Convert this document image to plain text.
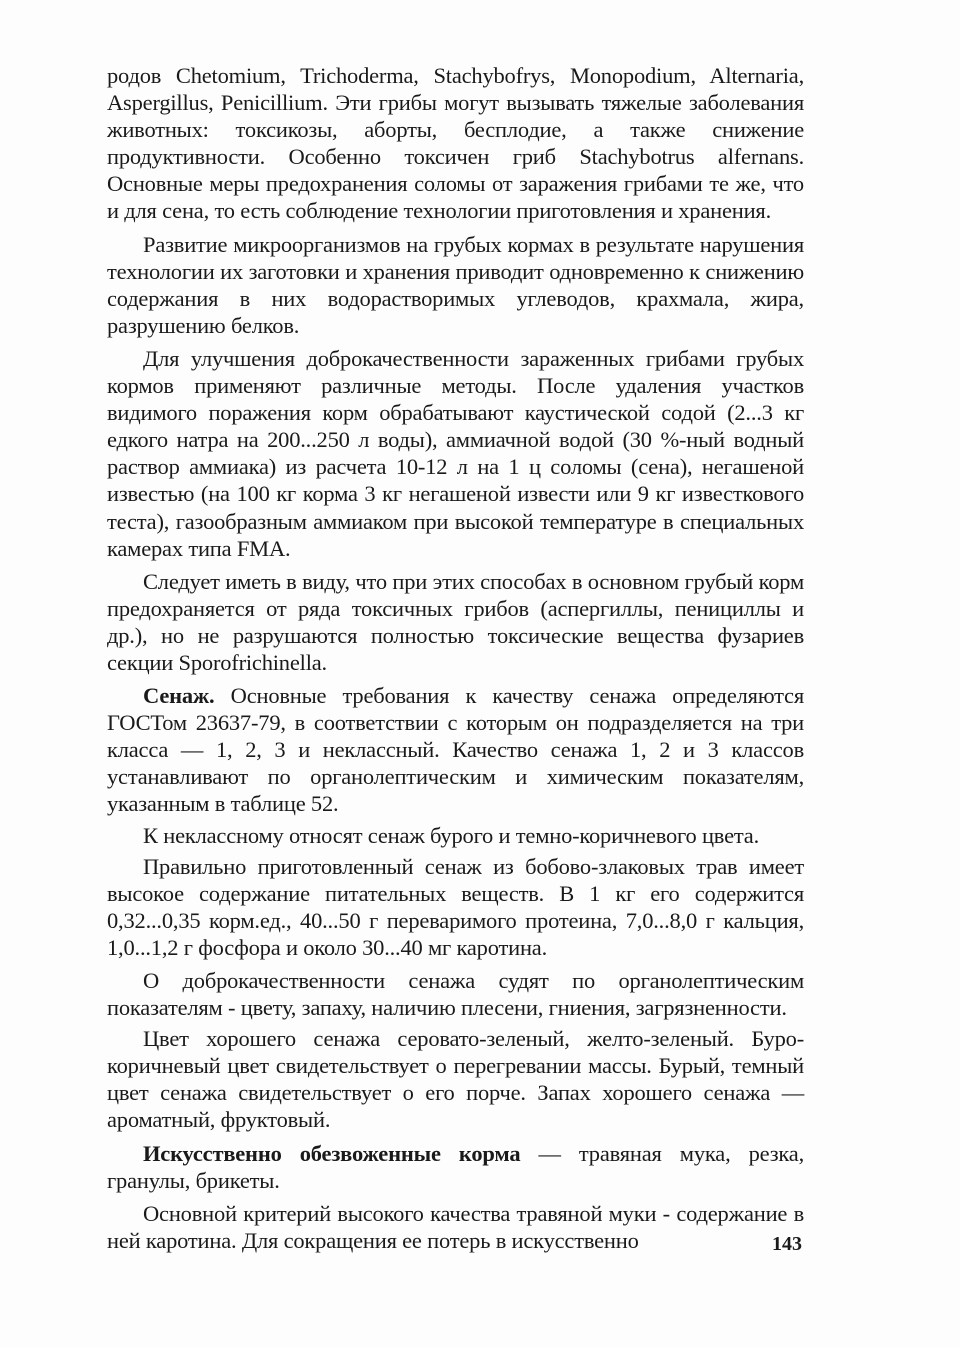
родов Chetomium, Trichoderma, Stachybofrys, Monopodium, Alternaria, Aspergillus, Penicillium. Эти грибы могут вызывать тяжелые заболевания животных: токсикозы, аборты, бесплодие, а также снижение продуктивности. Особенно токсичен гриб Stachybotrus alfernans. Основные меры предохранения соломы от заражения грибами те же, что и для сена, то есть соблюдение технологии приготовления и хранения.

Развитие микроорганизмов на грубых кормах в результате нарушения технологии их заготовки и хранения приводит одновременно к снижению содержания в них водорастворимых углеводов, крахмала, жира, разрушению белков.

Для улучшения доброкачественности зараженных грибами грубых кормов применяют различные методы. После удаления участков видимого поражения корм обрабатывают каустической содой (2...3 кг едкого натра на 200...250 л воды), аммиачной водой (30 %-ный водный раствор аммиака) из расчета 10-12 л на 1 ц соломы (сена), негашеной известью (на 100 кг корма 3 кг негашеной извести или 9 кг известкового теста), газообразным аммиаком при высокой температуре в специальных камерах типа FMA.

Следует иметь в виду, что при этих способах в основном грубый корм предохраняется от ряда токсичных грибов (аспергиллы, пенициллы и др.), но не разрушаются полностью токсические вещества фузариев секции Sporofrichinella.

Сенаж. Основные требования к качеству сенажа определяются ГОСТом 23637-79, в соответствии с которым он подразделяется на три класса — 1, 2, 3 и неклассный. Качество сенажа 1, 2 и 3 классов устанавливают по органолептическим и химическим показателям, указанным в таблице 52.

К неклассному относят сенаж бурого и темно-коричневого цвета.

Правильно приготовленный сенаж из бобово-злаковых трав имеет высокое содержание питательных веществ. В 1 кг его содержится 0,32...0,35 корм.ед., 40...50 г переваримого протеина, 7,0...8,0 г кальция, 1,0...1,2 г фосфора и около 30...40 мг каротина.

О доброкачественности сенажа судят по органолептическим показателям - цвету, запаху, наличию плесени, гниения, загрязненности.

Цвет хорошего сенажа серовато-зеленый, желто-зеленый. Буро-коричневый цвет свидетельствует о перегревании массы. Бурый, темный цвет сенажа свидетельствует о его порче. Запах хорошего сенажа — ароматный, фруктовый.

Искусственно обезвоженные корма — травяная мука, резка, гранулы, брикеты.

Основной критерий высокого качества травяной муки - содержание в ней каротина. Для сокращения ее потерь в искусственно	143
